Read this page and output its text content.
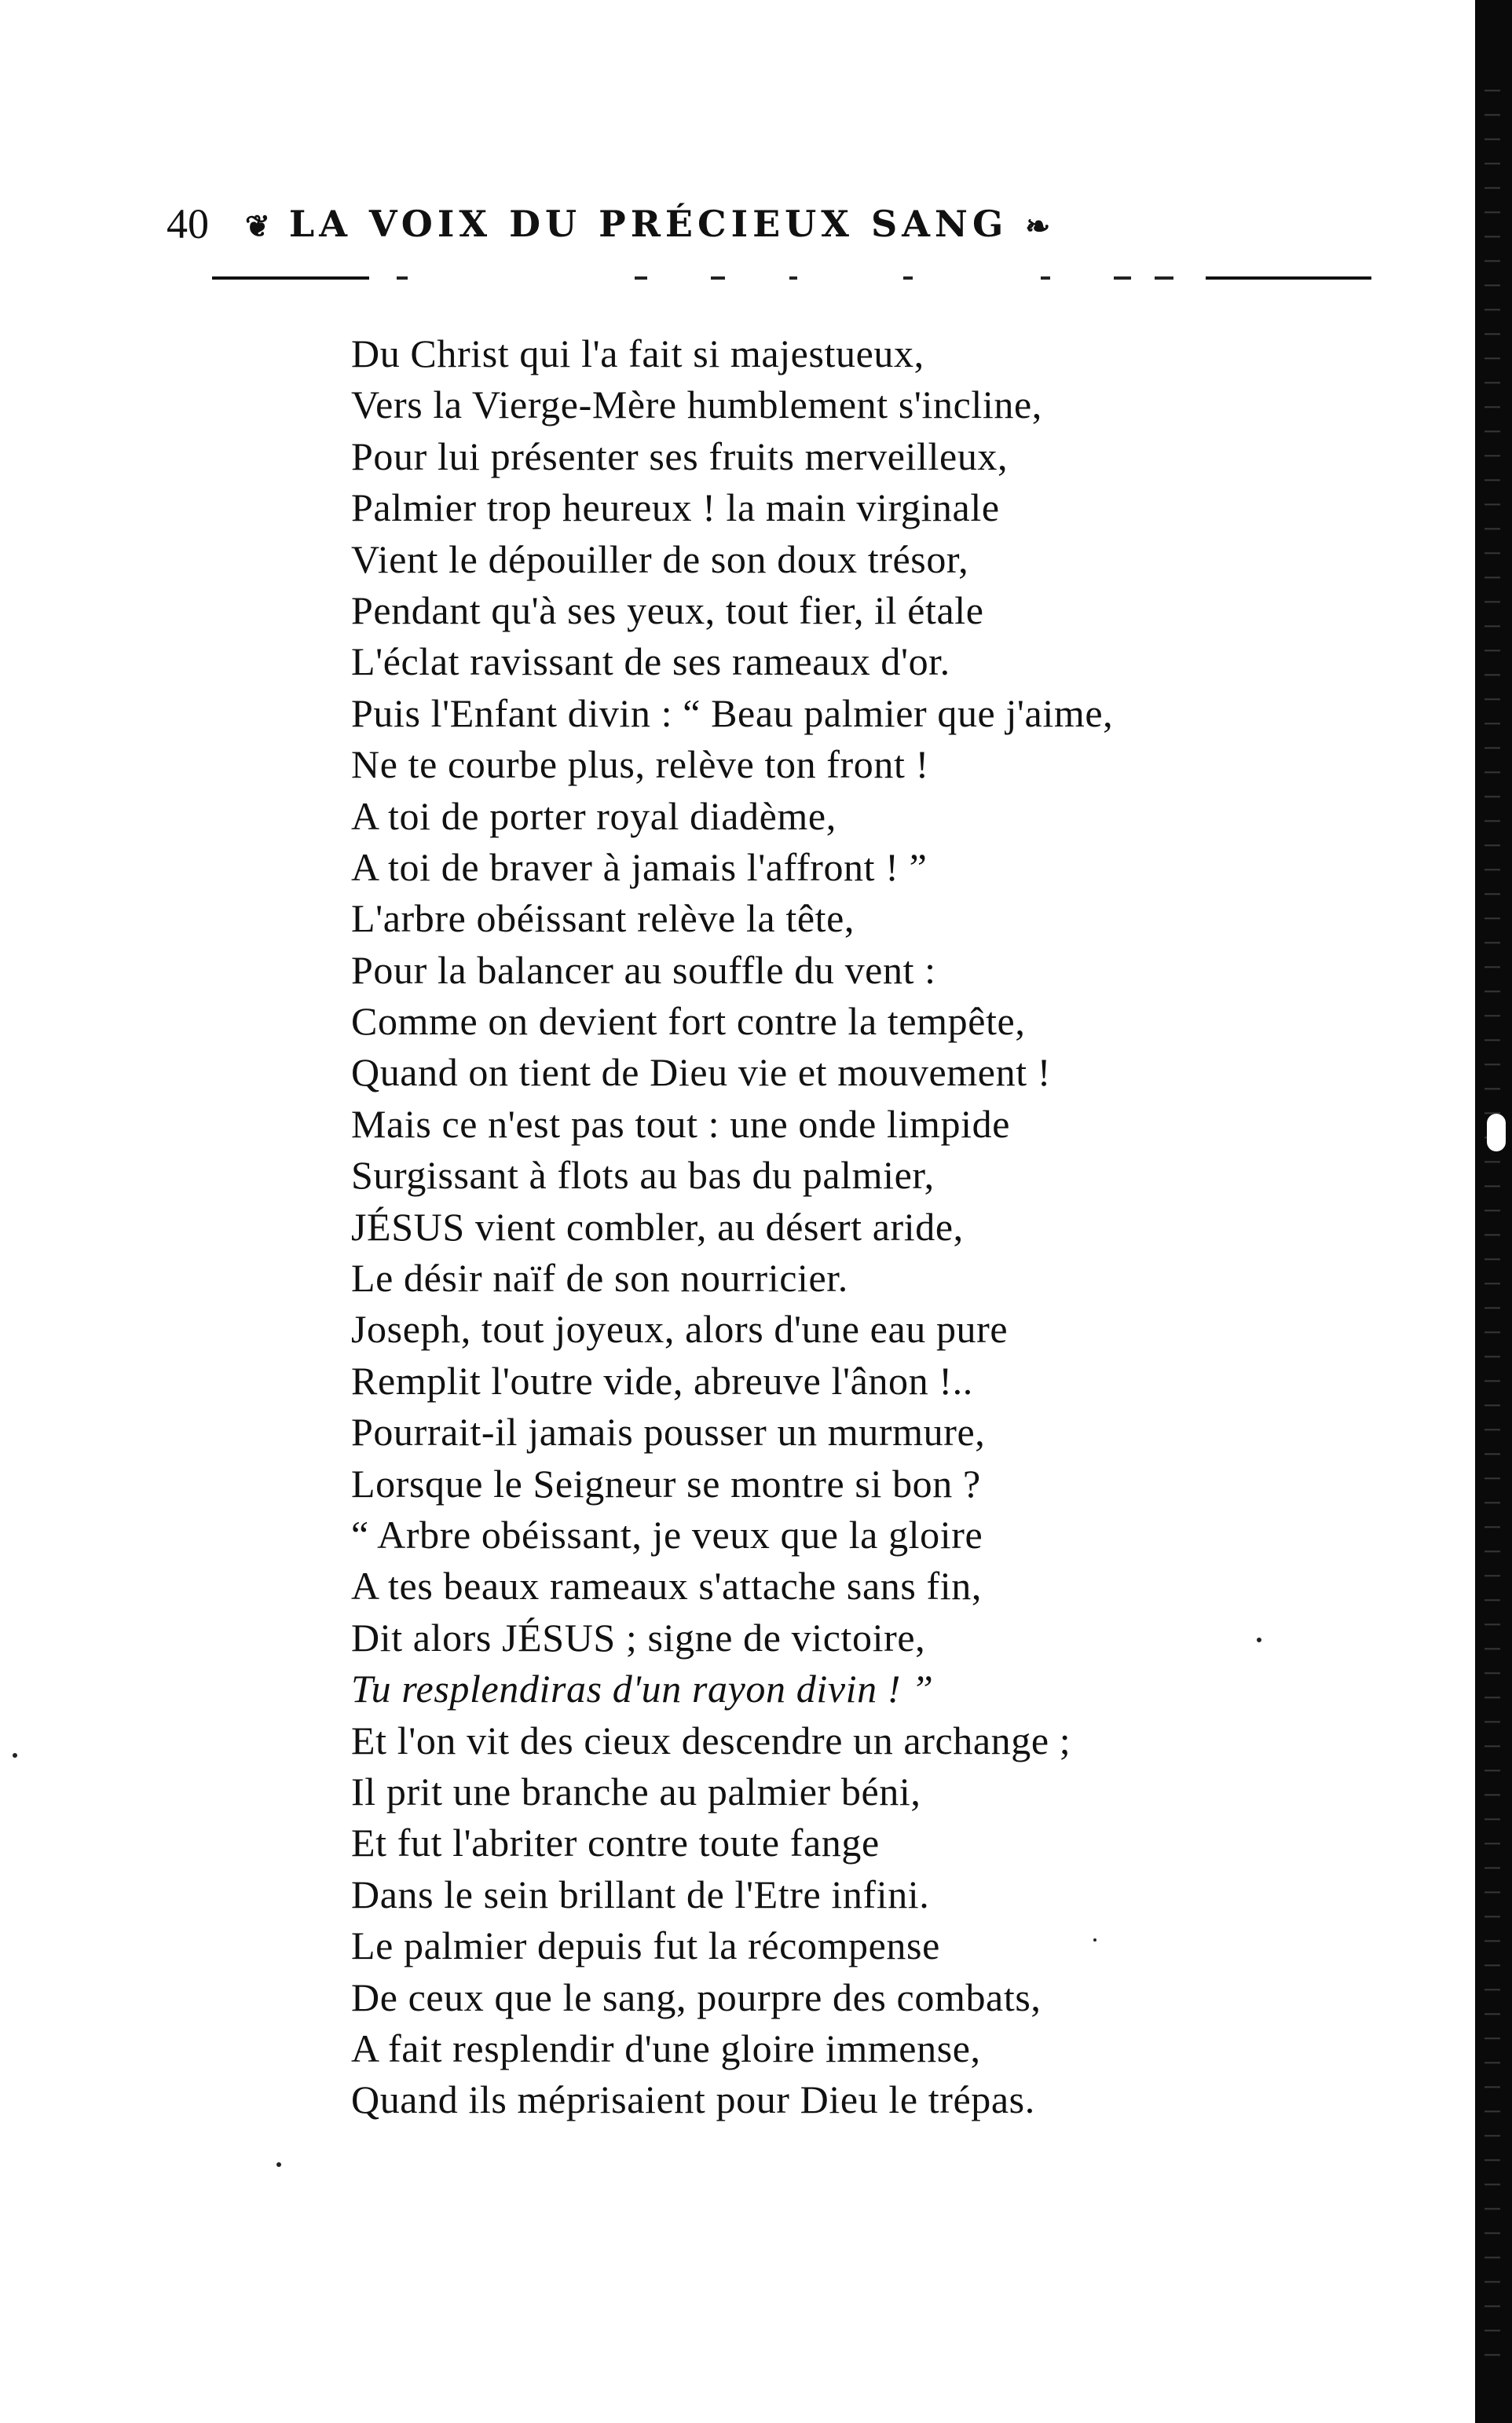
40 ❦ LA VOIX DU PRÉCIEUX SANG ❧
Du Christ qui l'a fait si majestueux,
Vers la Vierge-Mère humblement s'incline,
Pour lui présenter ses fruits merveilleux,
Palmier trop heureux ! la main virginale
Vient le dépouiller de son doux trésor,
Pendant qu'à ses yeux, tout fier, il étale
L'éclat ravissant de ses rameaux d'or.
Puis l'Enfant divin : “ Beau palmier que j'aime,
Ne te courbe plus, relève ton front !
A toi de porter royal diadème,
A toi de braver à jamais l'affront ! ”
L'arbre obéissant relève la tête,
Pour la balancer au souffle du vent :
Comme on devient fort contre la tempête,
Quand on tient de Dieu vie et mouvement !
Mais ce n'est pas tout : une onde limpide
Surgissant à flots au bas du palmier,
JÉSUS vient combler, au désert aride,
Le désir naïf de son nourricier.
Joseph, tout joyeux, alors d'une eau pure
Remplit l'outre vide, abreuve l'ânon !..
Pourrait-il jamais pousser un murmure,
Lorsque le Seigneur se montre si bon ?
“ Arbre obéissant, je veux que la gloire
A tes beaux rameaux s'attache sans fin,
Dit alors JÉSUS ; signe de victoire,
Tu resplendiras d'un rayon divin ! ”
Et l'on vit des cieux descendre un archange ;
Il prit une branche au palmier béni,
Et fut l'abriter contre toute fange
Dans le sein brillant de l'Etre infini.
Le palmier depuis fut la récompense
De ceux que le sang, pourpre des combats,
A fait resplendir d'une gloire immense,
Quand ils méprisaient pour Dieu le trépas.
